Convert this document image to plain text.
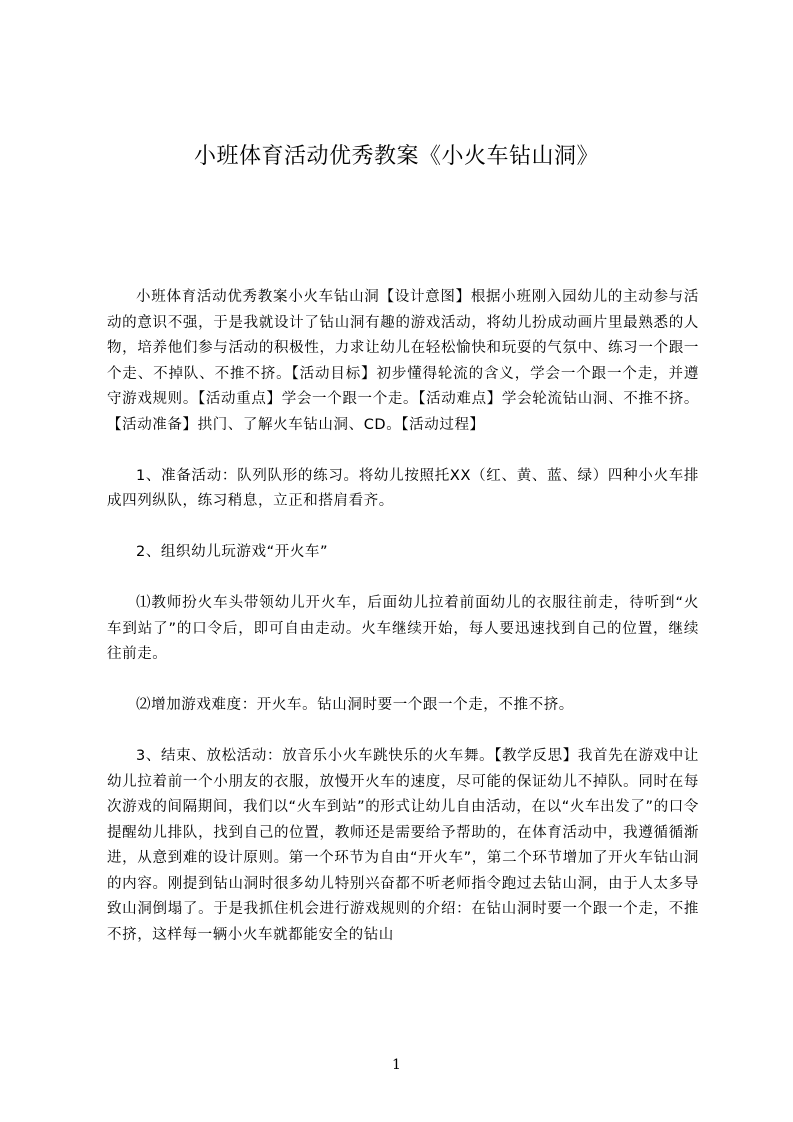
小班体育活动优秀教案《小火车钻山洞》

小班体育活动优秀教案小火车钻山洞【设计意图】根据小班刚入园幼儿的主动参与活动的意识不强，于是我就设计了钻山洞有趣的游戏活动，将幼儿扮成动画片里最熟悉的人物，培养他们参与活动的积极性，力求让幼儿在轻松愉快和玩耍的气氛中、练习一个跟一个走、不掉队、不推不挤。【活动目标】初步懂得轮流的含义，学会一个跟一个走，并遵守游戏规则。【活动重点】学会一个跟一个走。【活动难点】学会轮流钻山洞、不推不挤。【活动准备】拱门、了解火车钻山洞、CD。【活动过程】

1、准备活动：队列队形的练习。将幼儿按照托XX（红、黄、蓝、绿）四种小火车排成四列纵队，练习稍息，立正和搭肩看齐。

2、组织幼儿玩游戏“开火车”

⑴教师扮火车头带领幼儿开火车，后面幼儿拉着前面幼儿的衣服往前走，待听到“火车到站了”的口令后，即可自由走动。火车继续开始，每人要迅速找到自己的位置，继续往前走。

⑵增加游戏难度：开火车。钻山洞时要一个跟一个走，不推不挤。

3、结束、放松活动：放音乐小火车跳快乐的火车舞。【教学反思】我首先在游戏中让幼儿拉着前一个小朋友的衣服，放慢开火车的速度，尽可能的保证幼儿不掉队。同时在每次游戏的间隔期间，我们以“火车到站”的形式让幼儿自由活动，在以“火车出发了”的口令提醒幼儿排队，找到自己的位置，教师还是需要给予帮助的，在体育活动中，我遵循循渐进，从意到难的设计原则。第一个环节为自由“开火车”，第二个环节增加了开火车钻山洞的内容。刚提到钻山洞时很多幼儿特别兴奋都不听老师指令跑过去钻山洞，由于人太多导致山洞倒塌了。于是我抓住机会进行游戏规则的介绍：在钻山洞时要一个跟一个走，不推不挤，这样每一辆小火车就都能安全的钻山

1
